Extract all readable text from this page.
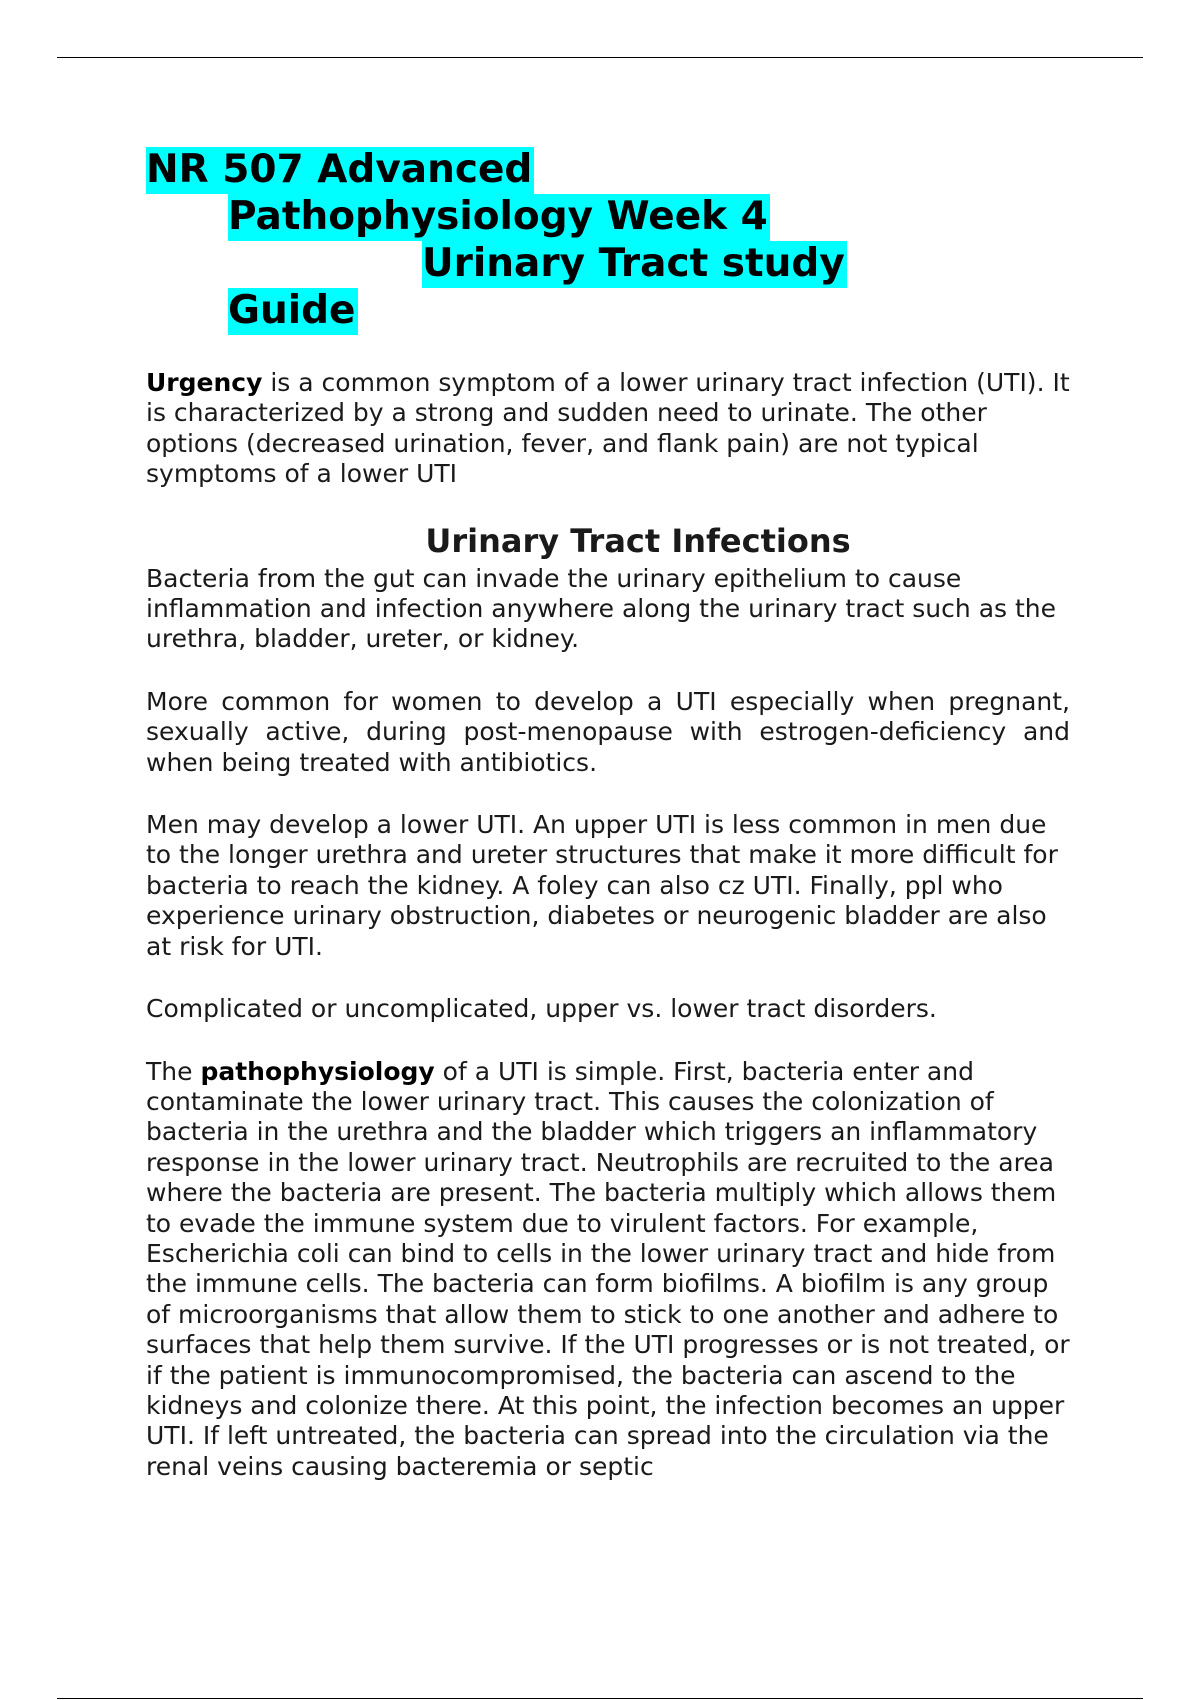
NR 507 Advanced
Pathophysiology Week 4
Urinary Tract study
Guide

Urgency is a common symptom of a lower urinary tract infection (UTI). It is characterized by a strong and sudden need to urinate. The other options (decreased urination, fever, and flank pain) are not typical symptoms of a lower UTI

Urinary Tract Infections

Bacteria from the gut can invade the urinary epithelium to cause inflammation and infection anywhere along the urinary tract such as the urethra, bladder, ureter, or kidney.

More common for women to develop a UTI especially when pregnant, sexually active, during post-menopause with estrogen-deficiency and when being treated with antibiotics.

Men may develop a lower UTI. An upper UTI is less common in men due to the longer urethra and ureter structures that make it more difficult for bacteria to reach the kidney. A foley can also cz UTI. Finally, ppl who experience urinary obstruction, diabetes or neurogenic bladder are also at risk for UTI.

Complicated or uncomplicated, upper vs. lower tract disorders.

The pathophysiology of a UTI is simple. First, bacteria enter and contaminate the lower urinary tract. This causes the colonization of bacteria in the urethra and the bladder which triggers an inflammatory response in the lower urinary tract. Neutrophils are recruited to the area where the bacteria are present. The bacteria multiply which allows them to evade the immune system due to virulent factors. For example, Escherichia coli can bind to cells in the lower urinary tract and hide from the immune cells. The bacteria can form biofilms. A biofilm is any group of microorganisms that allow them to stick to one another and adhere to surfaces that help them survive. If the UTI progresses or is not treated, or if the patient is immunocompromised, the bacteria can ascend to the kidneys and colonize there. At this point, the infection becomes an upper UTI. If left untreated, the bacteria can spread into the circulation via the renal veins causing bacteremia or septic
